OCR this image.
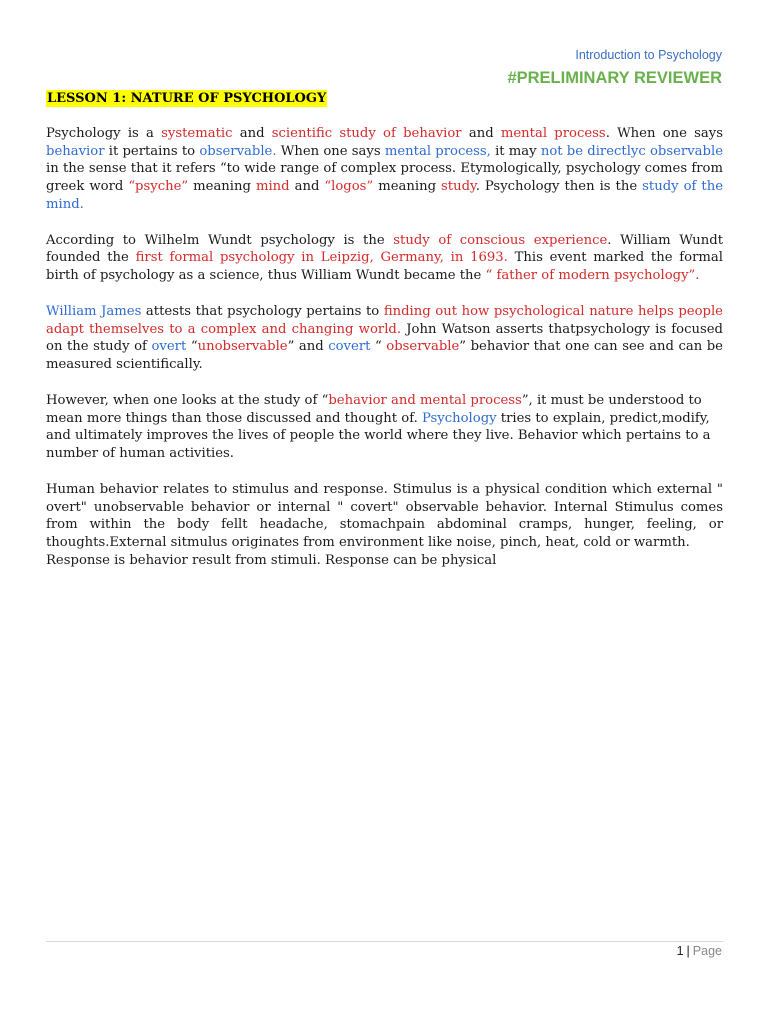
Introduction to Psychology
#PRELIMINARY REVIEWER
LESSON 1: NATURE OF PSYCHOLOGY

Psychology is a systematic and scientific study of behavior and mental process. When one says behavior it pertains to observable. When one says mental process, it may not be directlyc observable in the sense that it refers “to wide range of complex process. Etymologically, psychology comes from greek word “psyche” meaning mind and “logos” meaning study. Psychology then is the study of the mind.

According to Wilhelm Wundt psychology is the study of conscious experience. William Wundt founded the first formal psychology in Leipzig, Germany, in 1693. This event marked the formal birth of psychology as a science, thus William Wundt became the “ father of modern psychology”.

William James attests that psychology pertains to finding out how psychological nature helps people adapt themselves to a complex and changing world. John Watson asserts thatpsychology is focused on the study of overt “unobservable” and covert “ observable” behavior that one can see and can be measured scientifically.

However, when one looks at the study of “behavior and mental process”, it must be understood to mean more things than those discussed and thought of. Psychology tries to explain, predict,modify, and ultimately improves the lives of people the world where they live. Behavior which pertains to a number of human activities.

Human behavior relates to stimulus and response. Stimulus is a physical condition which external " overt" unobservable behavior or internal " covert" observable behavior. Internal Stimulus comes from within the body fellt headache, stomachpain abdominal cramps, hunger, feeling, or thoughts.External sitmulus originates from environment like noise, pinch, heat, cold or warmth.

Response is behavior result from stimuli. Response can be physical

1 | Page
